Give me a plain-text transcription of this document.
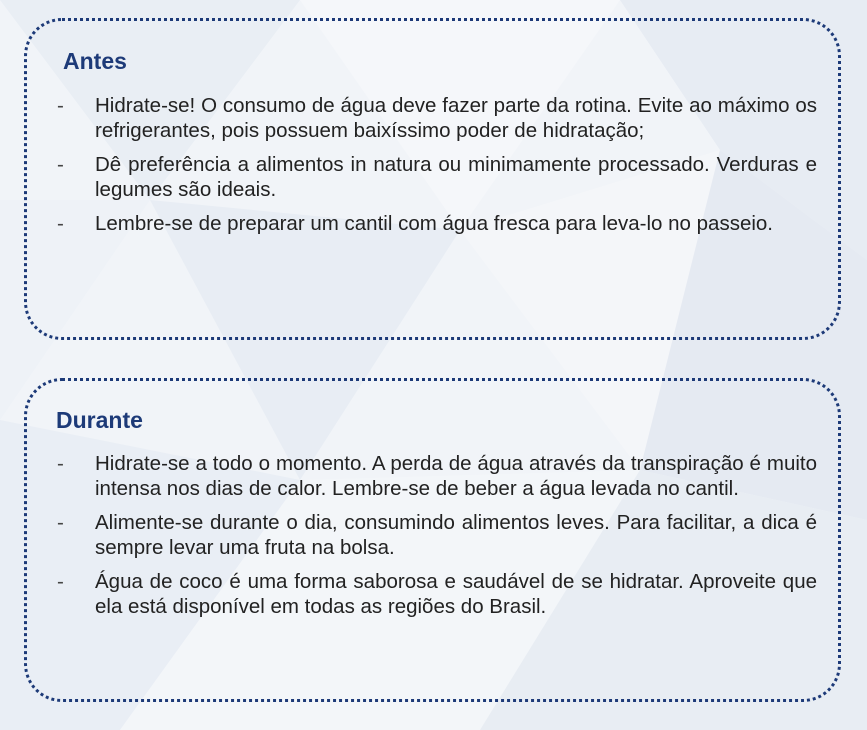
Antes
-	Hidrate-se! O consumo de água deve fazer parte da rotina. Evite ao máximo os refrigerantes, pois possuem baixíssimo poder de hidratação;
-	Dê preferência a alimentos in natura ou minimamente processado. Verduras e legumes são ideais.
-	Lembre-se de preparar um cantil com água fresca para leva-lo no passeio.
Durante
-	Hidrate-se a todo o momento. A perda de água através da transpiração é muito intensa nos dias de calor. Lembre-se de beber a água levada no cantil.
-	Alimente-se durante o dia, consumindo alimentos leves. Para facilitar, a dica é sempre levar uma fruta na bolsa.
-	Água de coco é uma forma saborosa e saudável de se hidratar. Aproveite que ela está disponível em todas as regiões do Brasil.
